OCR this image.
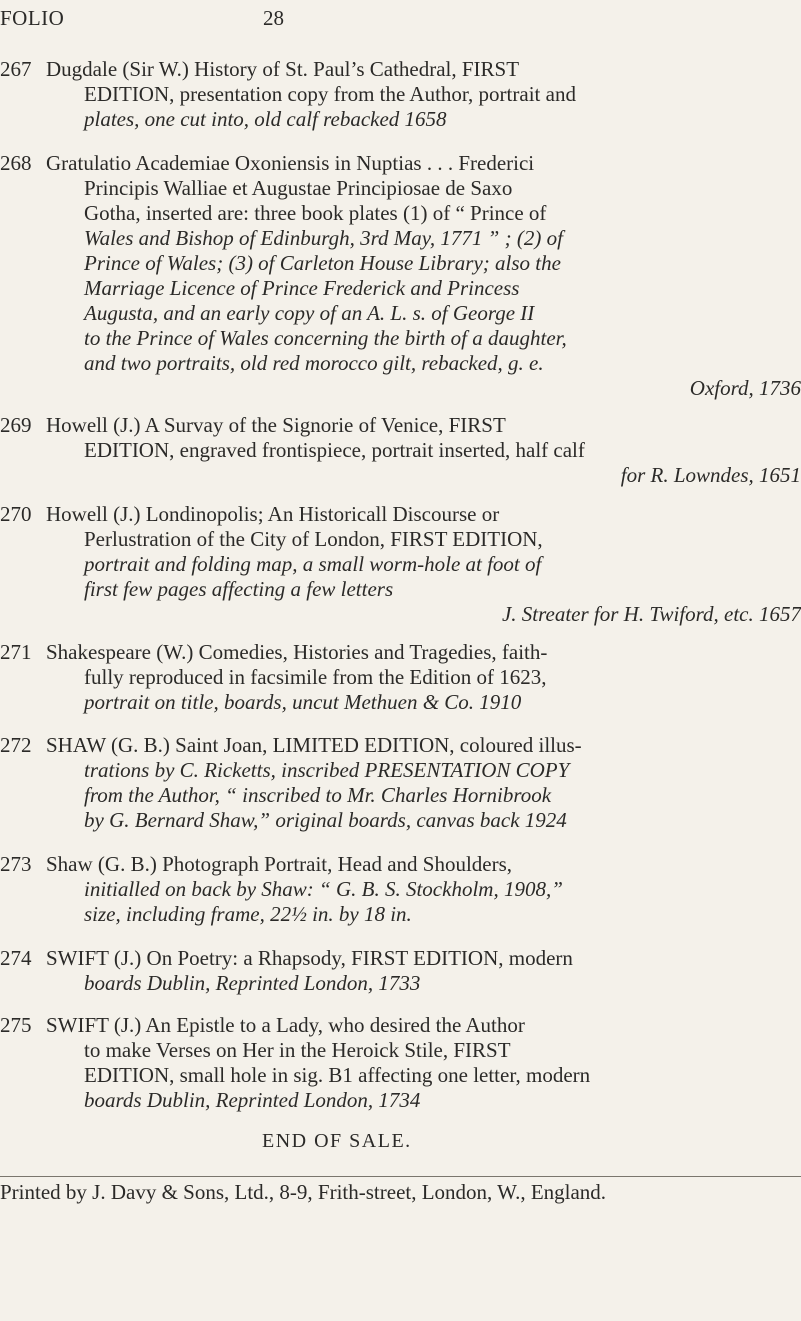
FOLIO	28
267 Dugdale (Sir W.) History of St. Paul’s Cathedral, FIRST
EDITION, presentation copy from the Author, portrait and
plates, one cut into, old calf rebacked 1658
268 Gratulatio Academiae Oxoniensis in Nuptias . . . Frederici
Principis Walliae et Augustae Principiosae de Saxo
Gotha, inserted are: three book plates (1) of “ Prince of
Wales and Bishop of Edinburgh, 3rd May, 1771 ” ; (2) of
Prince of Wales; (3) of Carleton House Library; also the
Marriage Licence of Prince Frederick and Princess
Augusta, and an early copy of an A. L. s. of George II
to the Prince of Wales concerning the birth of a daughter,
and two portraits, old red morocco gilt, rebacked, g. e.
Oxford, 1736
269 Howell (J.) A Survay of the Signorie of Venice, FIRST
EDITION, engraved frontispiece, portrait inserted, half calf
for R. Lowndes, 1651
270 Howell (J.) Londinopolis; An Historicall Discourse or
Perlustration of the City of London, FIRST EDITION,
portrait and folding map, a small worm-hole at foot of
first few pages affecting a few letters
J. Streater for H. Twiford, etc. 1657
271 Shakespeare (W.) Comedies, Histories and Tragedies, faith-
fully reproduced in facsimile from the Edition of 1623,
portrait on title, boards, uncut Methuen & Co. 1910
272 SHAW (G. B.) Saint Joan, LIMITED EDITION, coloured illus-
trations by C. Ricketts, inscribed PRESENTATION COPY
from the Author, “ inscribed to Mr. Charles Hornibrook
by G. Bernard Shaw,” original boards, canvas back 1924
273 Shaw (G. B.) Photograph Portrait, Head and Shoulders,
initialled on back by Shaw: “ G. B. S. Stockholm, 1908,”
size, including frame, 22½ in. by 18 in.
274 SWIFT (J.) On Poetry: a Rhapsody, FIRST EDITION, modern
boards Dublin, Reprinted London, 1733
275 SWIFT (J.) An Epistle to a Lady, who desired the Author
to make Verses on Her in the Heroick Stile, FIRST
EDITION, small hole in sig. B1 affecting one letter, modern
boards Dublin, Reprinted London, 1734
END OF SALE.
Printed by J. Davy & Sons, Ltd., 8-9, Frith-street, London, W., England.
